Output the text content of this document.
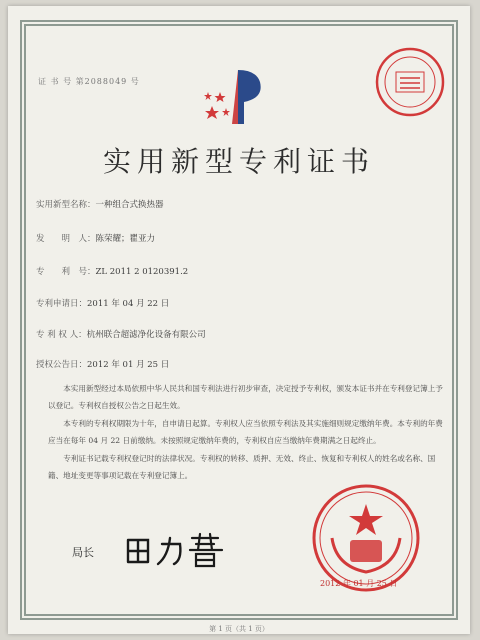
证 书 号 第2088049 号
实用新型专利证书
实用新型名称：一种组合式换热器
发　　明　人：陈荣耀；瞿亚力
专　　利　号：ZL 2011 2 0120391.2
专利申请日：2011 年 04 月 22 日
专 利 权 人：杭州联合超滤净化设备有限公司
授权公告日：2012 年 01 月 25 日

本实用新型经过本局依照中华人民共和国专利法进行初步审查，决定授予专利权，颁发本证书并在专利登记簿上予以登记。专利权自授权公告之日起生效。

本专利的专利权期限为十年，自申请日起算。专利权人应当依照专利法及其实施细则规定缴纳年费。本专利的年费应当在每年 04 月 22 日前缴纳。未按照规定缴纳年费的，专利权自应当缴纳年费期满之日起终止。

专利证书记载专利权登记时的法律状况。专利权的转移、质押、无效、终止、恢复和专利权人的姓名或名称、国籍、地址变更等事项记载在专利登记簿上。

局长
2012 年 01 月 25 日
第 1 页（共 1 页）
